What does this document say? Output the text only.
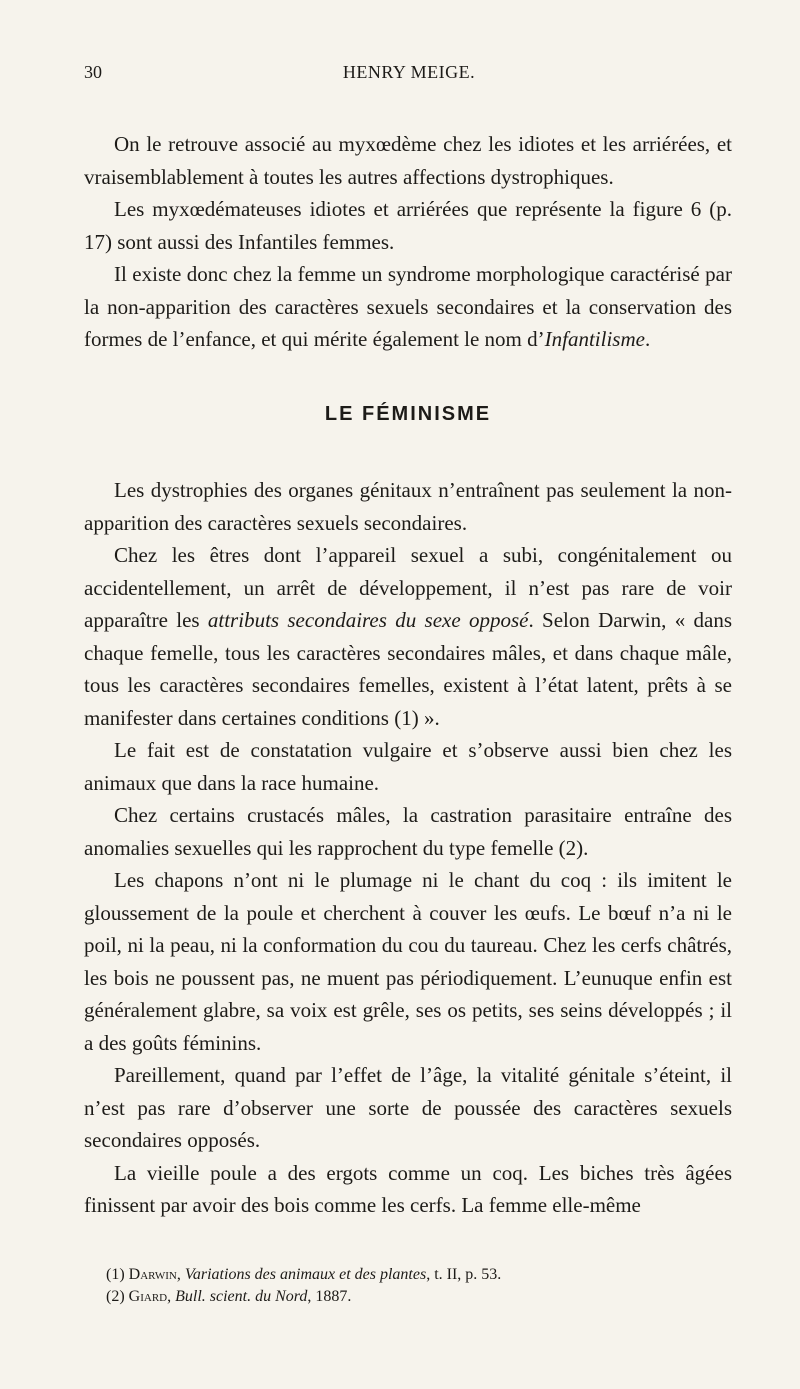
30	HENRY MEIGE.

On le retrouve associé au myxœdème chez les idiotes et les arriérées, et vraisemblablement à toutes les autres affections dystrophiques.

Les myxœdémateuses idiotes et arriérées que représente la figure 6 (p. 17) sont aussi des Infantiles femmes.

Il existe donc chez la femme un syndrome morphologique caractérisé par la non-apparition des caractères sexuels secondaires et la conservation des formes de l’enfance, et qui mérite également le nom d’Infantilisme.

LE FÉMINISME

Les dystrophies des organes génitaux n’entraînent pas seulement la non-apparition des caractères sexuels secondaires.

Chez les êtres dont l’appareil sexuel a subi, congénitalement ou accidentellement, un arrêt de développement, il n’est pas rare de voir apparaître les attributs secondaires du sexe opposé. Selon Darwin, « dans chaque femelle, tous les caractères secondaires mâles, et dans chaque mâle, tous les caractères secondaires femelles, existent à l’état latent, prêts à se manifester dans certaines conditions (1) ».

Le fait est de constatation vulgaire et s’observe aussi bien chez les animaux que dans la race humaine.

Chez certains crustacés mâles, la castration parasitaire entraîne des anomalies sexuelles qui les rapprochent du type femelle (2).

Les chapons n’ont ni le plumage ni le chant du coq : ils imitent le gloussement de la poule et cherchent à couver les œufs. Le bœuf n’a ni le poil, ni la peau, ni la conformation du cou du taureau. Chez les cerfs châtrés, les bois ne poussent pas, ne muent pas périodiquement. L’eunuque enfin est généralement glabre, sa voix est grêle, ses os petits, ses seins développés ; il a des goûts féminins.

Pareillement, quand par l’effet de l’âge, la vitalité génitale s’éteint, il n’est pas rare d’observer une sorte de poussée des caractères sexuels secondaires opposés.

La vieille poule a des ergots comme un coq. Les biches très âgées finissent par avoir des bois comme les cerfs. La femme elle-même

(1) Darwin, Variations des animaux et des plantes, t. II, p. 53.
(2) Giard, Bull. scient. du Nord, 1887.
